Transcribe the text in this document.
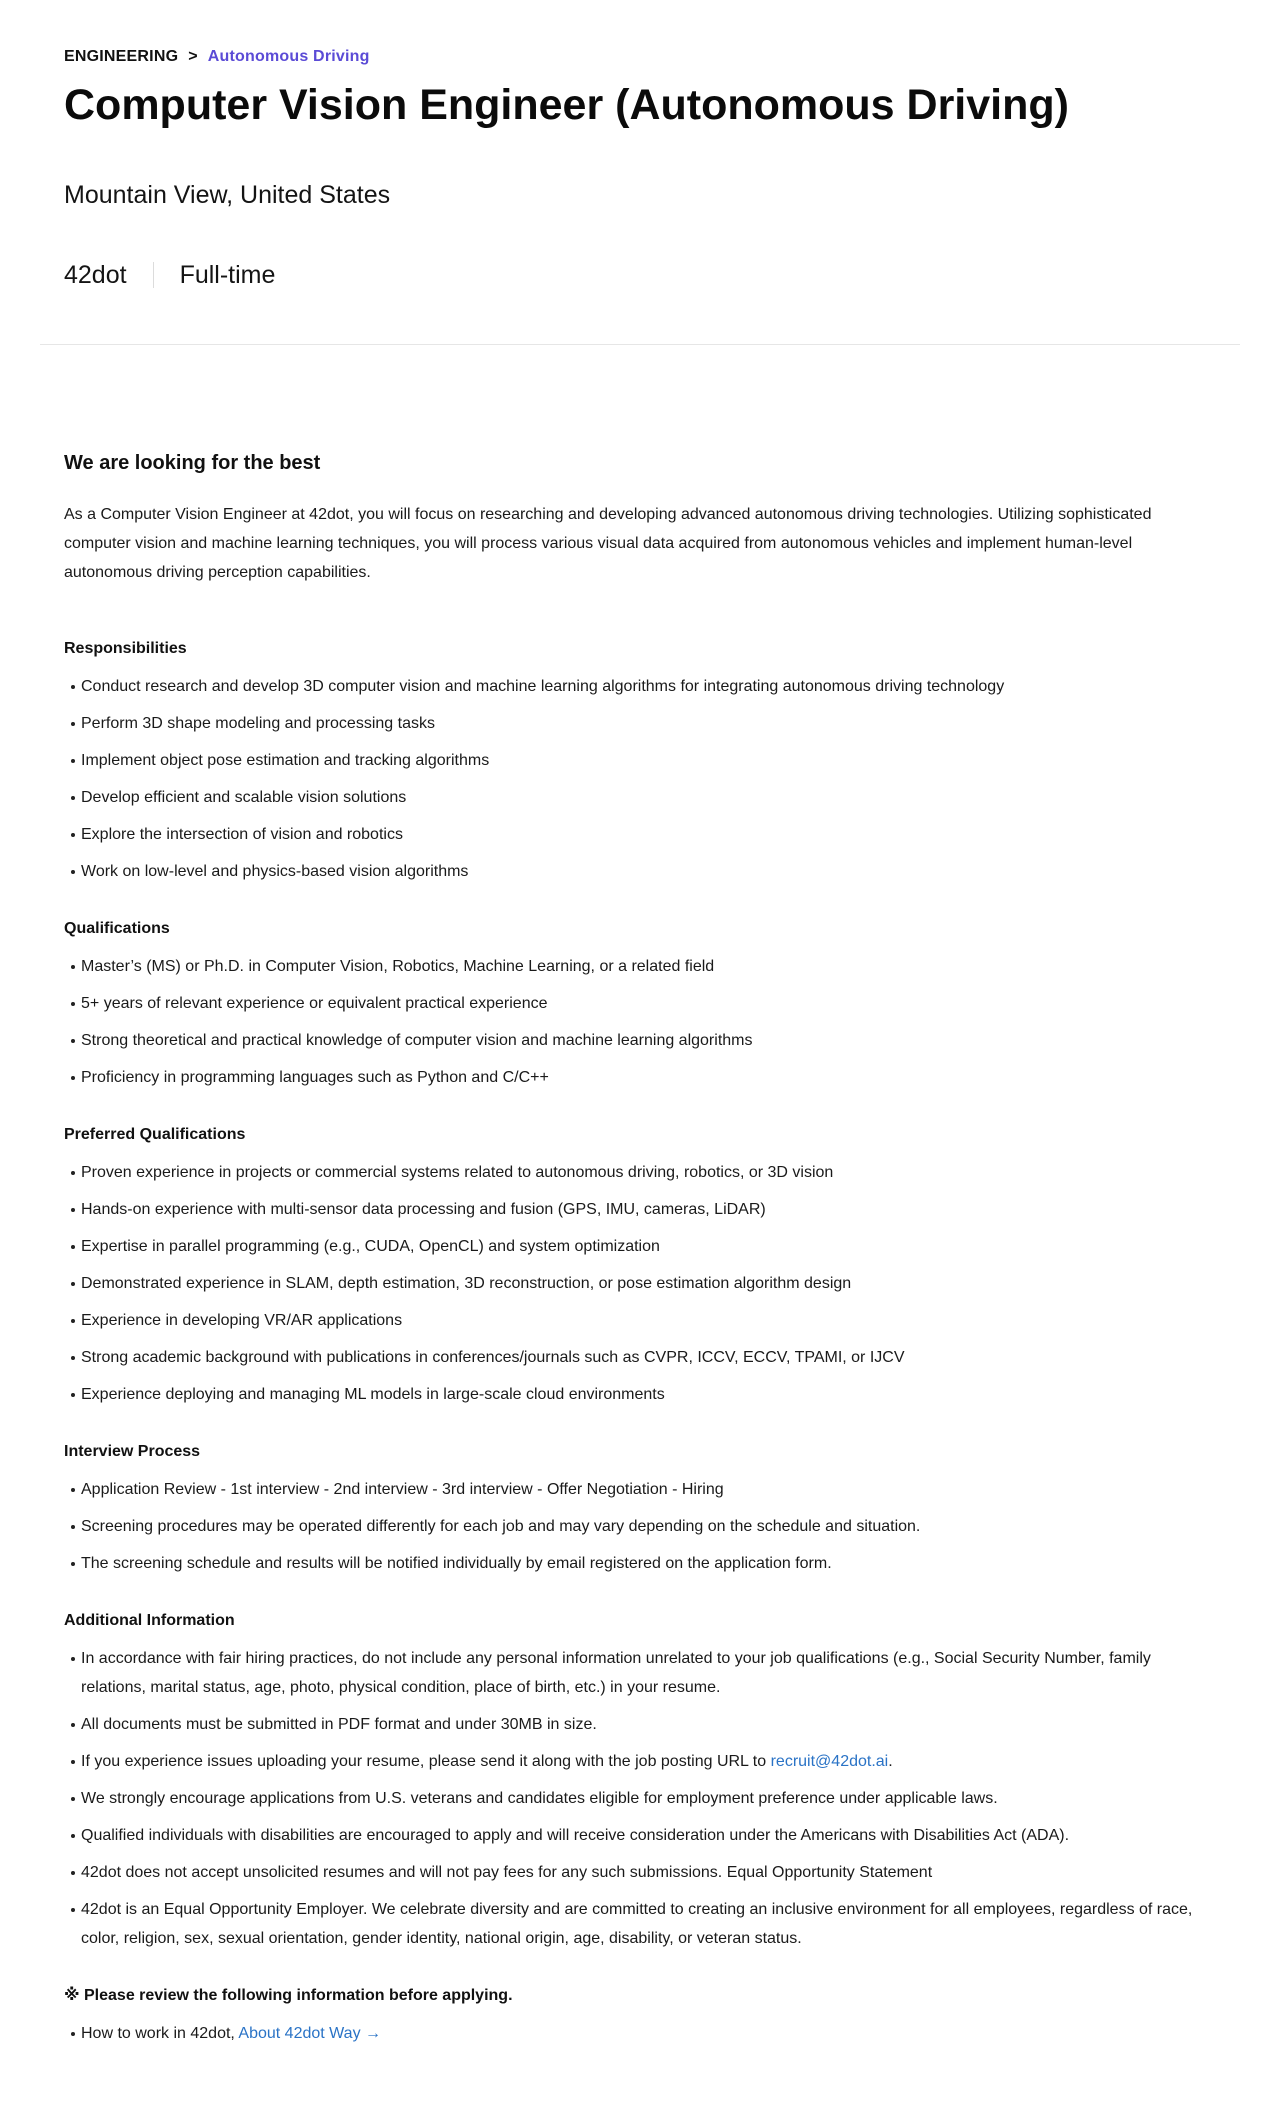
ENGINEERING > Autonomous Driving
Computer Vision Engineer (Autonomous Driving)
Mountain View, United States
42dot Full-time
We are looking for the best

As a Computer Vision Engineer at 42dot, you will focus on researching and developing advanced autonomous driving technologies. Utilizing sophisticated computer vision and machine learning techniques, you will process various visual data acquired from autonomous vehicles and implement human-level autonomous driving perception capabilities.

Responsibilities
Conduct research and develop 3D computer vision and machine learning algorithms for integrating autonomous driving technology
Perform 3D shape modeling and processing tasks
Implement object pose estimation and tracking algorithms
Develop efficient and scalable vision solutions
Explore the intersection of vision and robotics
Work on low-level and physics-based vision algorithms
Qualifications
Master’s (MS) or Ph.D. in Computer Vision, Robotics, Machine Learning, or a related field
5+ years of relevant experience or equivalent practical experience
Strong theoretical and practical knowledge of computer vision and machine learning algorithms
Proficiency in programming languages such as Python and C/C++
Preferred Qualifications
Proven experience in projects or commercial systems related to autonomous driving, robotics, or 3D vision
Hands-on experience with multi-sensor data processing and fusion (GPS, IMU, cameras, LiDAR)
Expertise in parallel programming (e.g., CUDA, OpenCL) and system optimization
Demonstrated experience in SLAM, depth estimation, 3D reconstruction, or pose estimation algorithm design
Experience in developing VR/AR applications
Strong academic background with publications in conferences/journals such as CVPR, ICCV, ECCV, TPAMI, or IJCV
Experience deploying and managing ML models in large-scale cloud environments
Interview Process
Application Review - 1st interview - 2nd interview - 3rd interview - Offer Negotiation - Hiring
Screening procedures may be operated differently for each job and may vary depending on the schedule and situation.
The screening schedule and results will be notified individually by email registered on the application form.
Additional Information
In accordance with fair hiring practices, do not include any personal information unrelated to your job qualifications (e.g., Social Security Number, family relations, marital status, age, photo, physical condition, place of birth, etc.) in your resume.
All documents must be submitted in PDF format and under 30MB in size.
If you experience issues uploading your resume, please send it along with the job posting URL to recruit@42dot.ai.
We strongly encourage applications from U.S. veterans and candidates eligible for employment preference under applicable laws.
Qualified individuals with disabilities are encouraged to apply and will receive consideration under the Americans with Disabilities Act (ADA).
42dot does not accept unsolicited resumes and will not pay fees for any such submissions. Equal Opportunity Statement
42dot is an Equal Opportunity Employer. We celebrate diversity and are committed to creating an inclusive environment for all employees, regardless of race, color, religion, sex, sexual orientation, gender identity, national origin, age, disability, or veteran status.
※ Please review the following information before applying.
How to work in 42dot, About 42dot Way →
